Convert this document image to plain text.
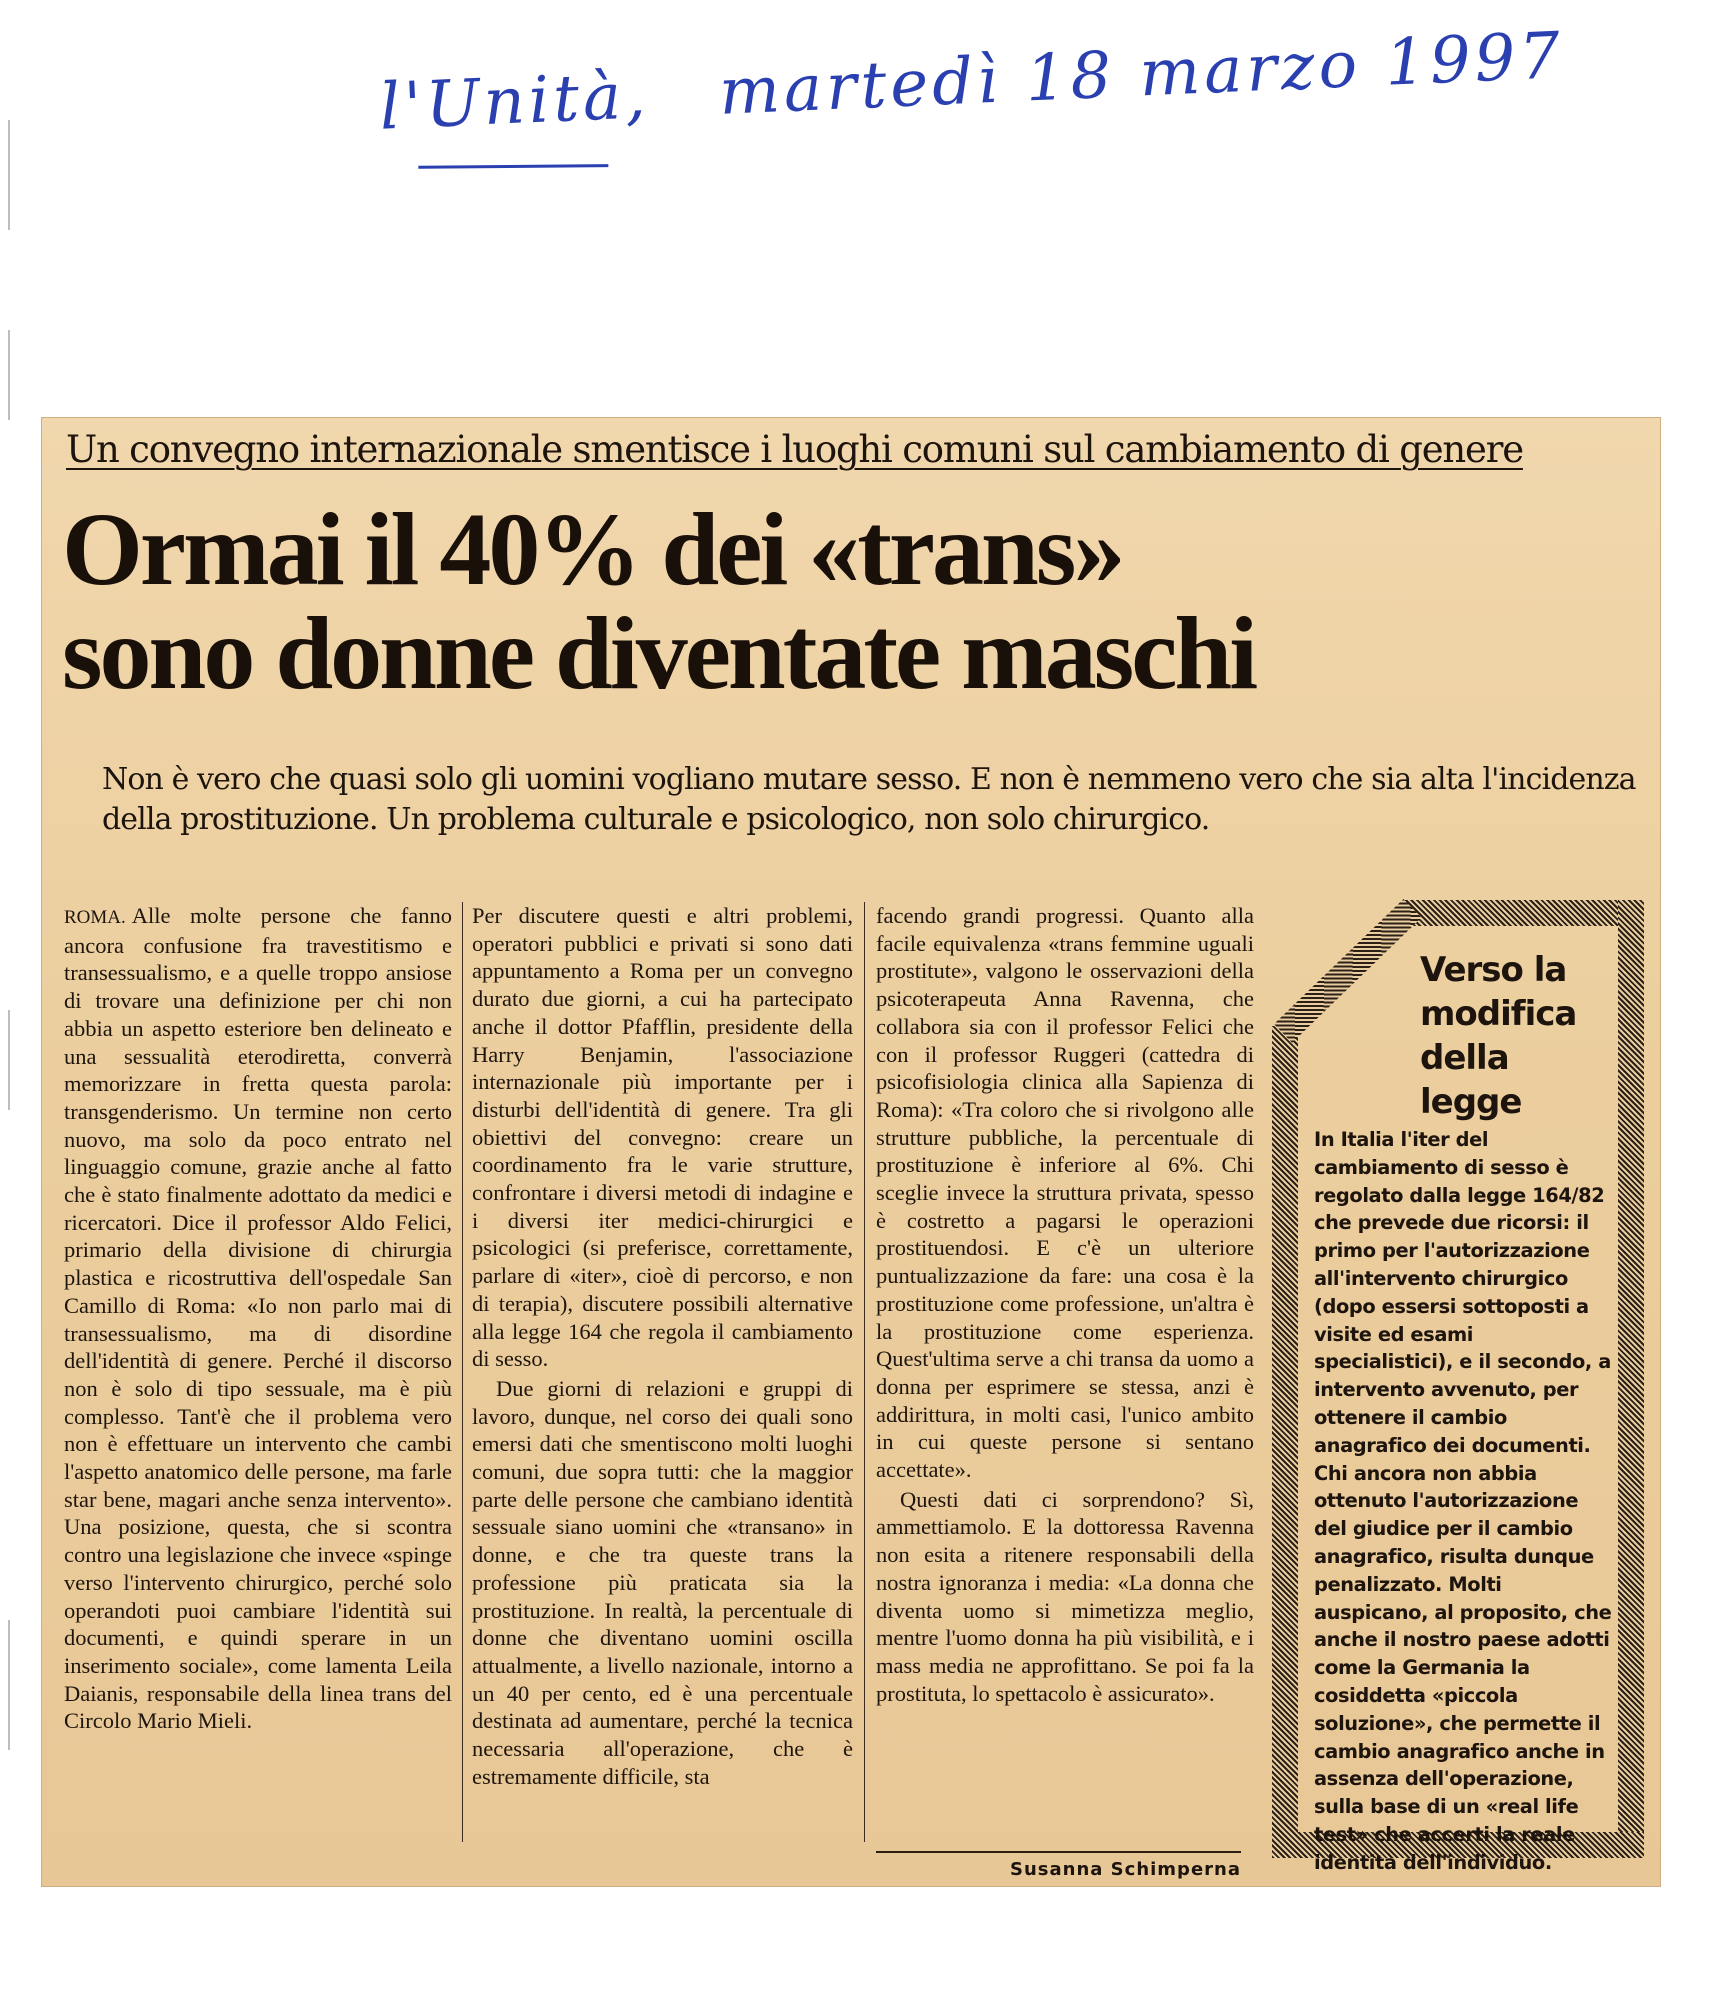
l'Unità, martedì 18 marzo 1997
Un convegno internazionale smentisce i luoghi comuni sul cambiamento di genere
Ormai il 40% dei «trans»
sono donne diventate maschi
Non è vero che quasi solo gli uomini vogliano mutare sesso. E non è nemmeno vero che sia alta l'incidenza della prostituzione. Un problema culturale e psicologico, non solo chirurgico.

ROMA. Alle molte persone che fanno ancora confusione fra travestitismo e transessualismo, e a quelle troppo ansiose di trovare una definizione per chi non abbia un aspetto esteriore ben delineato e una sessualità eterodiretta, converrà memorizzare in fretta questa parola: transgenderismo. Un termine non certo nuovo, ma solo da poco entrato nel linguaggio comune, grazie anche al fatto che è stato finalmente adottato da medici e ricercatori. Dice il professor Aldo Felici, primario della divisione di chirurgia plastica e ricostruttiva dell'ospedale San Camillo di Roma: «Io non parlo mai di transessualismo, ma di disordine dell'identità di genere. Perché il discorso non è solo di tipo sessuale, ma è più complesso. Tant'è che il problema vero non è effettuare un intervento che cambi l'aspetto anatomico delle persone, ma farle star bene, magari anche senza intervento». Una posizione, questa, che si scontra contro una legislazione che invece «spinge verso l'intervento chirurgico, perché solo operandoti puoi cambiare l'identità sui documenti, e quindi sperare in un inserimento sociale», come lamenta Leila Daianis, responsabile della linea trans del Circolo Mario Mieli.

Per discutere questi e altri problemi, operatori pubblici e privati si sono dati appuntamento a Roma per un convegno durato due giorni, a cui ha partecipato anche il dottor Pfafflin, presidente della Harry Benjamin, l'associazione internazionale più importante per i disturbi dell'identità di genere. Tra gli obiettivi del convegno: creare un coordinamento fra le varie strutture, confrontare i diversi metodi di indagine e i diversi iter medici-chirurgici e psicologici (si preferisce, correttamente, parlare di «iter», cioè di percorso, e non di terapia), discutere possibili alternative alla legge 164 che regola il cambiamento di sesso.

Due giorni di relazioni e gruppi di lavoro, dunque, nel corso dei quali sono emersi dati che smentiscono molti luoghi comuni, due sopra tutti: che la maggior parte delle persone che cambiano identità sessuale siano uomini che «transano» in donne, e che tra queste trans la professione più praticata sia la prostituzione. In realtà, la percentuale di donne che diventano uomini oscilla attualmente, a livello nazionale, intorno a un 40 per cento, ed è una percentuale destinata ad aumentare, perché la tecnica necessaria all'operazione, che è estremamente difficile, sta

facendo grandi progressi. Quanto alla facile equivalenza «trans femmine uguali prostitute», valgono le osservazioni della psicoterapeuta Anna Ravenna, che collabora sia con il professor Felici che con il professor Ruggeri (cattedra di psicofisiologia clinica alla Sapienza di Roma): «Tra coloro che si rivolgono alle strutture pubbliche, la percentuale di prostituzione è inferiore al 6%. Chi sceglie invece la struttura privata, spesso è costretto a pagarsi le operazioni prostituendosi. E c'è un ulteriore puntualizzazione da fare: una cosa è la prostituzione come professione, un'altra è la prostituzione come esperienza. Quest'ultima serve a chi transa da uomo a donna per esprimere se stessa, anzi è addirittura, in molti casi, l'unico ambito in cui queste persone si sentano accettate».

Questi dati ci sorprendono? Sì, ammettiamolo. E la dottoressa Ravenna non esita a ritenere responsabili della nostra ignoranza i media: «La donna che diventa uomo si mimetizza meglio, mentre l'uomo donna ha più visibilità, e i mass media ne approfittano. Se poi fa la prostituta, lo spettacolo è assicurato».

Susanna Schimperna
Verso la modifica della legge
In Italia l'iter del cambiamento di sesso è regolato dalla legge 164/82 che prevede due ricorsi: il primo per l'autorizzazione all'intervento chirurgico (dopo essersi sottoposti a visite ed esami specialistici), e il secondo, a intervento avvenuto, per ottenere il cambio anagrafico dei documenti. Chi ancora non abbia ottenuto l'autorizzazione del giudice per il cambio anagrafico, risulta dunque penalizzato. Molti auspicano, al proposito, che anche il nostro paese adotti come la Germania la cosiddetta «piccola soluzione», che permette il cambio anagrafico anche in assenza dell'operazione, sulla base di un «real life test» che accerti la reale identità dell'individuo.
